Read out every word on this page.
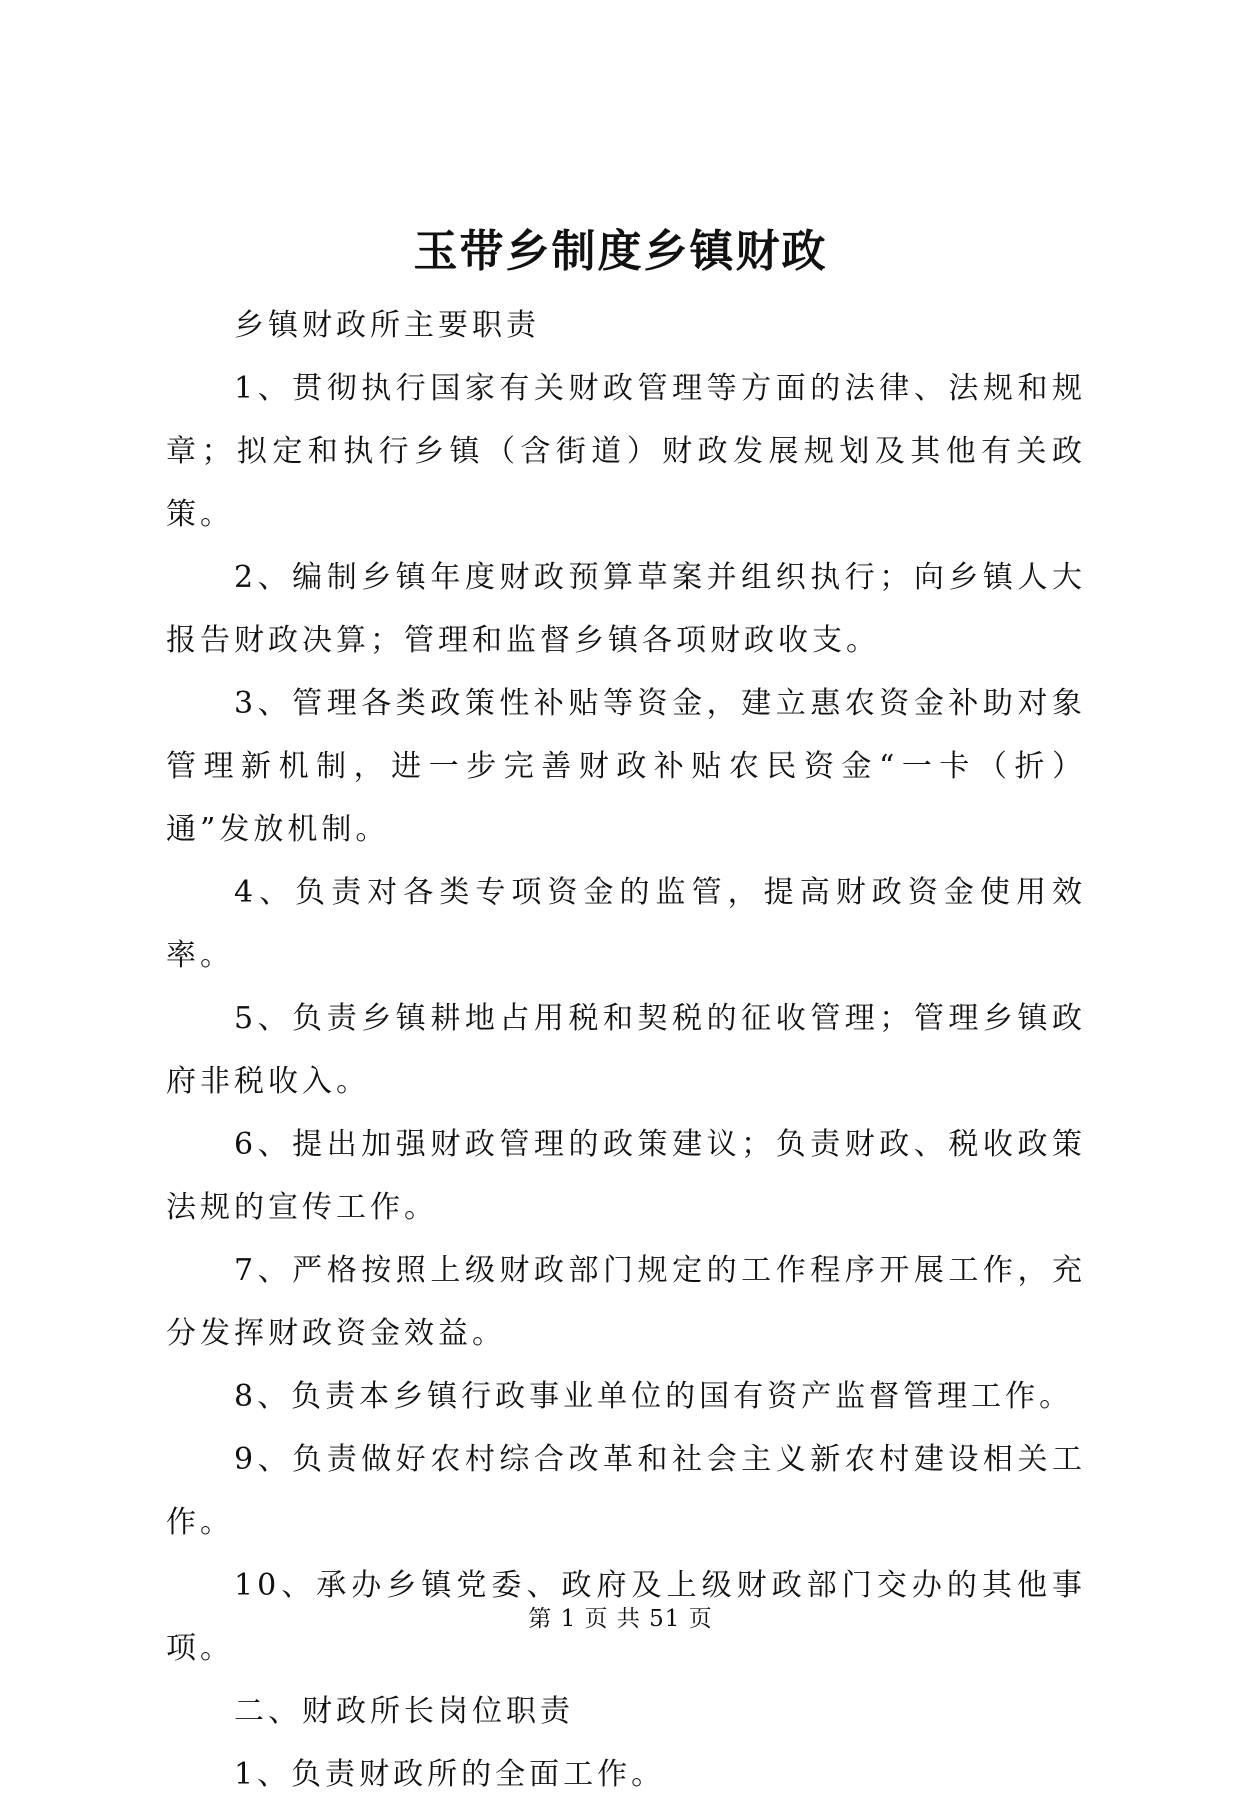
玉带乡制度乡镇财政

乡镇财政所主要职责

1、贯彻执行国家有关财政管理等方面的法律、法规和规章；拟定和执行乡镇（含街道）财政发展规划及其他有关政策。

2、编制乡镇年度财政预算草案并组织执行；向乡镇人大报告财政决算；管理和监督乡镇各项财政收支。

3、管理各类政策性补贴等资金，建立惠农资金补助对象管理新机制，进一步完善财政补贴农民资金“一卡（折）通”发放机制。

4、负责对各类专项资金的监管，提高财政资金使用效率。

5、负责乡镇耕地占用税和契税的征收管理；管理乡镇政府非税收入。

6、提出加强财政管理的政策建议；负责财政、税收政策法规的宣传工作。

7、严格按照上级财政部门规定的工作程序开展工作，充分发挥财政资金效益。

8、负责本乡镇行政事业单位的国有资产监督管理工作。

9、负责做好农村综合改革和社会主义新农村建设相关工作。

10、承办乡镇党委、政府及上级财政部门交办的其他事项。

二、财政所长岗位职责

1、负责财政所的全面工作。

第 1 页 共 51 页
